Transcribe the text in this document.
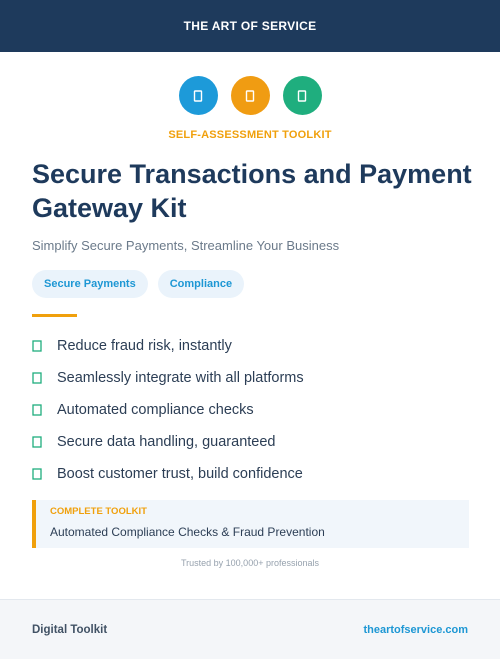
THE ART OF SERVICE
SELF-ASSESSMENT TOOLKIT
Secure Transactions and Payment Gateway Kit

Simplify Secure Payments, Streamline Your Business

Secure Payments	Compliance
Reduce fraud risk, instantly
Seamlessly integrate with all platforms
Automated compliance checks
Secure data handling, guaranteed
Boost customer trust, build confidence
COMPLETE TOOLKIT
Automated Compliance Checks & Fraud Prevention
Trusted by 100,000+ professionals
Digital Toolkit	theartofservice.com
